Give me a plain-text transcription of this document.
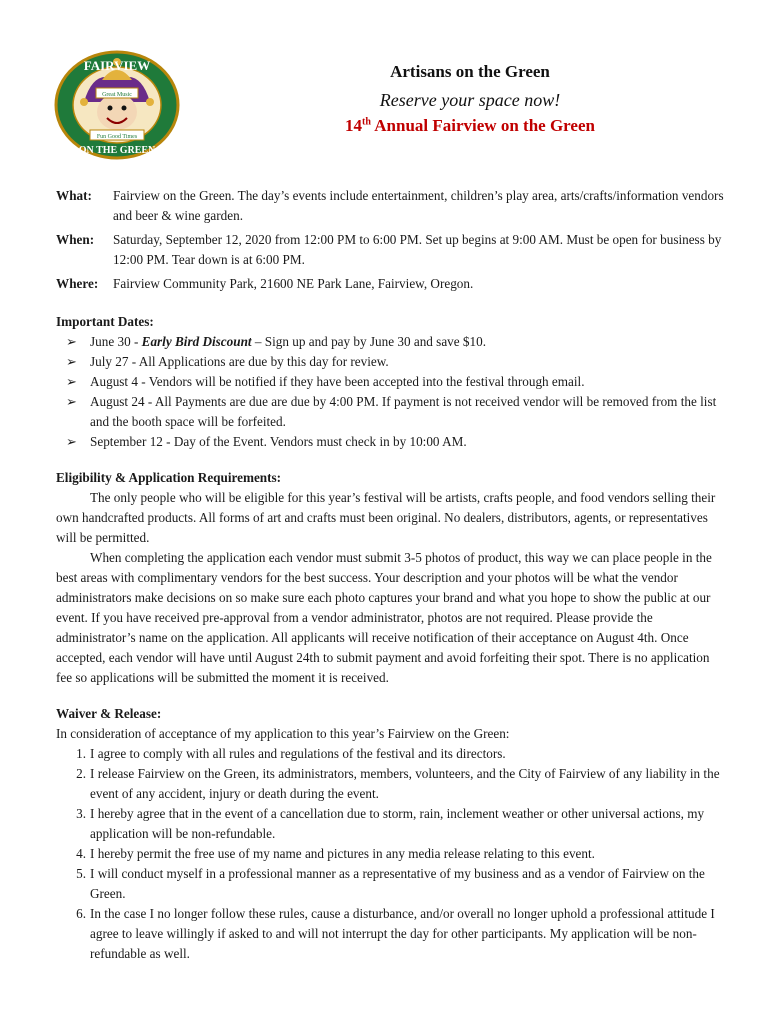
Great Music
Fun Good Times
FAIRVIEW
ON THE GREEN
Artisans on the Green
Reserve your space now!
14th Annual Fairview on the Green
What:	Fairview on the Green. The day’s events include entertainment, children’s play area, arts/crafts/information vendors and beer & wine garden.
When:	Saturday, September 12, 2020 from 12:00 PM to 6:00 PM. Set up begins at 9:00 AM. Must be open for business by 12:00 PM. Tear down is at 6:00 PM.
Where:	Fairview Community Park, 21600 NE Park Lane, Fairview, Oregon.
Important Dates:
➢ June 30 - Early Bird Discount – Sign up and pay by June 30 and save $10.
➢ July 27 - All Applications are due by this day for review.
➢ August 4 - Vendors will be notified if they have been accepted into the festival through email.
➢ August 24 - All Payments are due are due by 4:00 PM. If payment is not received vendor will be removed from the list and the booth space will be forfeited.
➢ September 12 - Day of the Event. Vendors must check in by 10:00 AM.
Eligibility & Application Requirements:

The only people who will be eligible for this year’s festival will be artists, crafts people, and food vendors selling their own handcrafted products. All forms of art and crafts must been original. No dealers, distributors, agents, or representatives will be permitted.

When completing the application each vendor must submit 3-5 photos of product, this way we can place people in the best areas with complimentary vendors for the best success. Your description and your photos will be what the vendor administrators make decisions on so make sure each photo captures your brand and what you hope to show the public at our event. If you have received pre-approval from a vendor administrator, photos are not required. Please provide the administrator’s name on the application. All applicants will receive notification of their acceptance on August 4th. Once accepted, each vendor will have until August 24th to submit payment and avoid forfeiting their spot. There is no application fee so applications will be submitted the moment it is received.

Waiver & Release:
In consideration of acceptance of my application to this year’s Fairview on the Green:
1. I agree to comply with all rules and regulations of the festival and its directors.
2. I release Fairview on the Green, its administrators, members, volunteers, and the City of Fairview of any liability in the event of any accident, injury or death during the event.
3. I hereby agree that in the event of a cancellation due to storm, rain, inclement weather or other universal actions, my application will be non-refundable.
4. I hereby permit the free use of my name and pictures in any media release relating to this event.
5. I will conduct myself in a professional manner as a representative of my business and as a vendor of Fairview on the Green.
6. In the case I no longer follow these rules, cause a disturbance, and/or overall no longer uphold a professional attitude I agree to leave willingly if asked to and will not interrupt the day for other participants. My application will be non-refundable as well.
